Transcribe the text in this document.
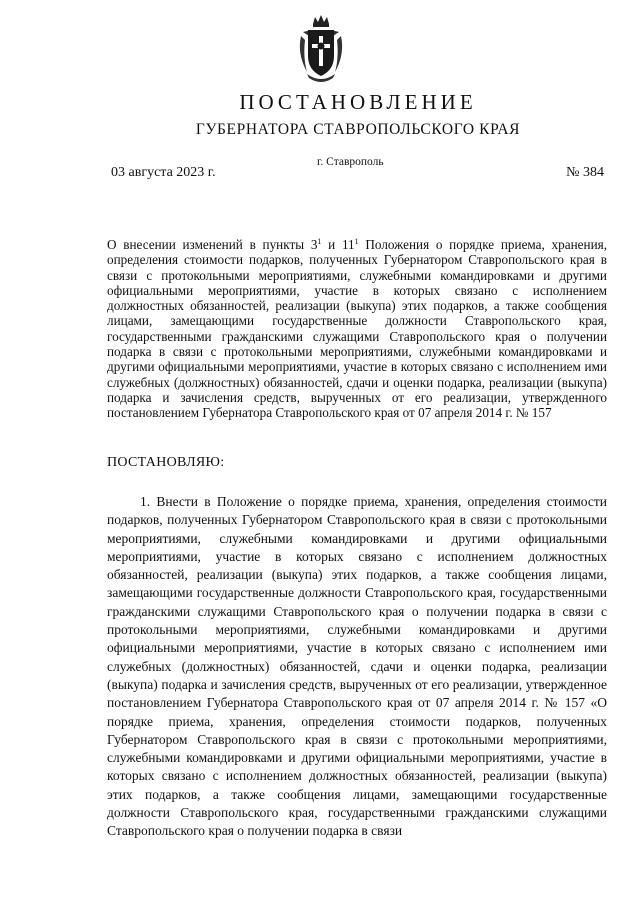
ПОСТАНОВЛЕНИЕ
ГУБЕРНАТОРА СТАВРОПОЛЬСКОГО КРАЯ
03 августа 2023 г.
г. Ставрополь
№ 384
О внесении изменений в пункты $3^1$ и $11^1$ Положения о порядке приема, хранения, определения стоимости подарков, полученных Губернатором Ставропольского края в связи с протокольными мероприятиями, служебными командировками и другими официальными мероприятиями, участие в которых связано с исполнением должностных обязанностей, реализации (выкупа) этих подарков, а также сообщения лицами, замещающими государственные должности Ставропольского края, государственными гражданскими служащими Ставропольского края о получении подарка в связи с протокольными мероприятиями, служебными командировками и другими официальными мероприятиями, участие в которых связано с исполнением ими служебных (должностных) обязанностей, сдачи и оценки подарка, реализации (выкупа) подарка и зачисления средств, вырученных от его реализации, утвержденного постановлением Губернатора Ставропольского края от 07 апреля 2014 г. № 157
ПОСТАНОВЛЯЮ:
1. Внести в Положение о порядке приема, хранения, определения стоимости подарков, полученных Губернатором Ставропольского края в связи с протокольными мероприятиями, служебными командировками и другими официальными мероприятиями, участие в которых связано с исполнением должностных обязанностей, реализации (выкупа) этих подарков, а также сообщения лицами, замещающими государственные должности Ставропольского края, государственными гражданскими служащими Ставропольского края о получении подарка в связи с протокольными мероприятиями, служебными командировками и другими официальными мероприятиями, участие в которых связано с исполнением ими служебных (должностных) обязанностей, сдачи и оценки подарка, реализации (выкупа) подарка и зачисления средств, вырученных от его реализации, утвержденное постановлением Губернатора Ставропольского края от 07 апреля 2014 г. № 157 «О порядке приема, хранения, определения стоимости подарков, полученных Губернатором Ставропольского края в связи с протокольными мероприятиями, служебными командировками и другими официальными мероприятиями, участие в которых связано с исполнением должностных обязанностей, реализации (выкупа) этих подарков, а также сообщения лицами, замещающими государственные должности Ставропольского края, государственными гражданскими служащими Ставропольского края о получении подарка в связи
